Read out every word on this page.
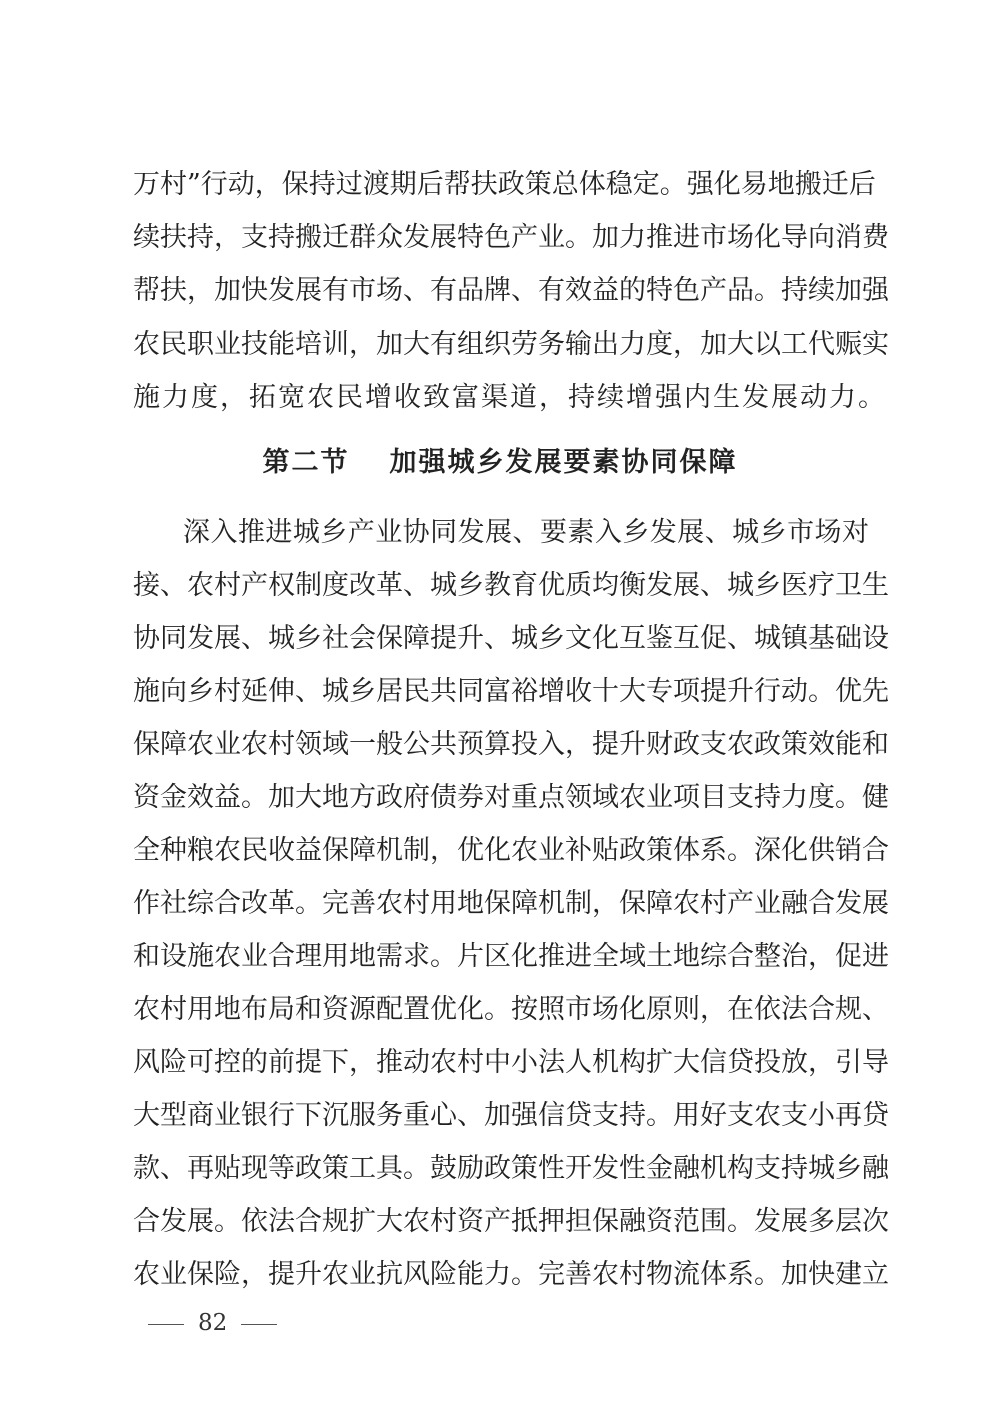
万村”行动，保持过渡期后帮扶政策总体稳定。强化易地搬迁后
续扶持，支持搬迁群众发展特色产业。加力推进市场化导向消费
帮扶，加快发展有市场、有品牌、有效益的特色产品。持续加强
农民职业技能培训，加大有组织劳务输出力度，加大以工代赈实
施力度，拓宽农民增收致富渠道，持续增强内生发展动力。
第二节 加强城乡发展要素协同保障
深入推进城乡产业协同发展、要素入乡发展、城乡市场对
接、农村产权制度改革、城乡教育优质均衡发展、城乡医疗卫生
协同发展、城乡社会保障提升、城乡文化互鉴互促、城镇基础设
施向乡村延伸、城乡居民共同富裕增收十大专项提升行动。优先
保障农业农村领域一般公共预算投入，提升财政支农政策效能和
资金效益。加大地方政府债券对重点领域农业项目支持力度。健
全种粮农民收益保障机制，优化农业补贴政策体系。深化供销合
作社综合改革。完善农村用地保障机制，保障农村产业融合发展
和设施农业合理用地需求。片区化推进全域土地综合整治，促进
农村用地布局和资源配置优化。按照市场化原则，在依法合规、
风险可控的前提下，推动农村中小法人机构扩大信贷投放，引导
大型商业银行下沉服务重心、加强信贷支持。用好支农支小再贷
款、再贴现等政策工具。鼓励政策性开发性金融机构支持城乡融
合发展。依法合规扩大农村资产抵押担保融资范围。发展多层次
农业保险，提升农业抗风险能力。完善农村物流体系。加快建立
82
